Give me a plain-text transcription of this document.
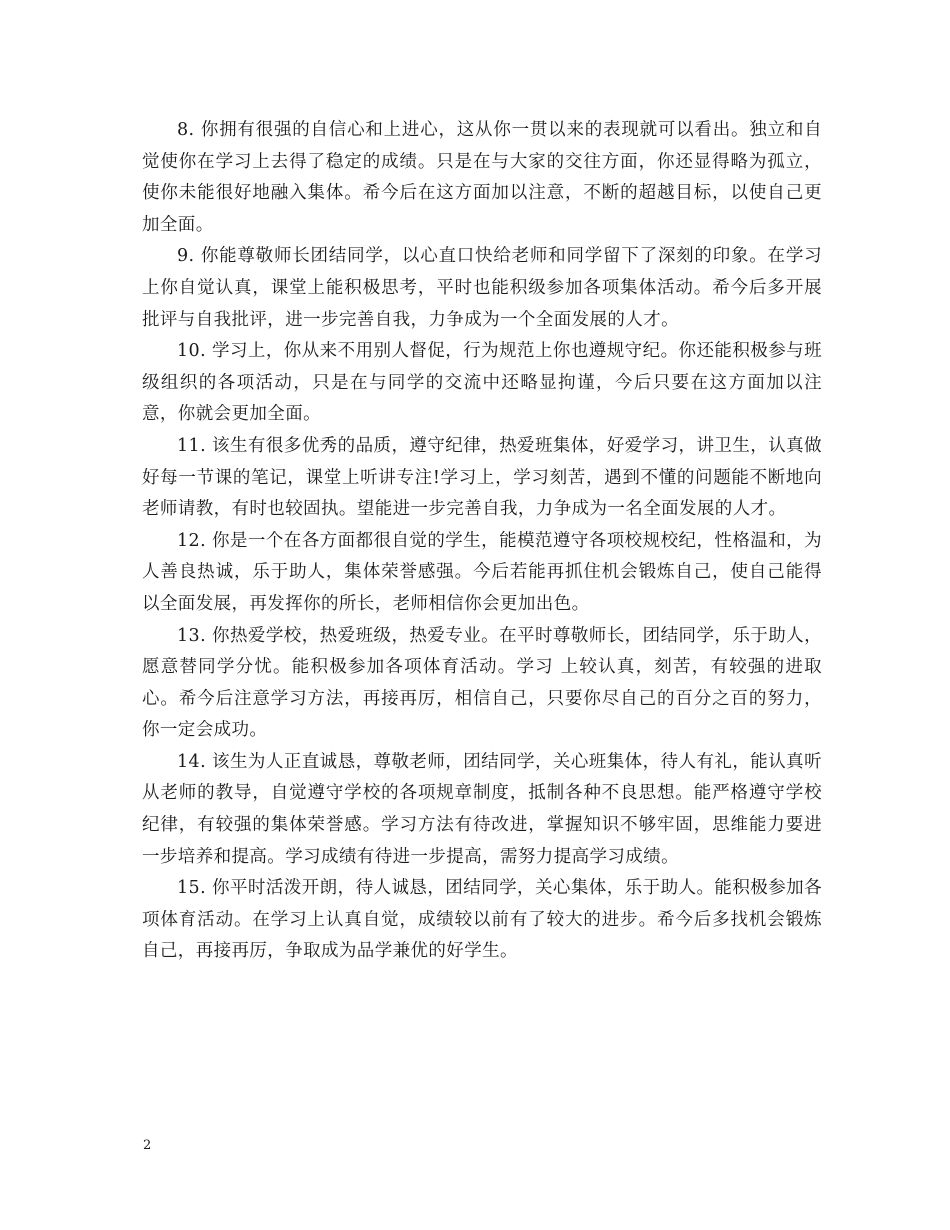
8. 你拥有很强的自信心和上进心，这从你一贯以来的表现就可以看出。独立和自觉使你在学习上去得了稳定的成绩。只是在与大家的交往方面，你还显得略为孤立，使你未能很好地融入集体。希今后在这方面加以注意，不断的超越目标，以使自己更加全面。

9. 你能尊敬师长团结同学，以心直口快给老师和同学留下了深刻的印象。在学习上你自觉认真，课堂上能积极思考，平时也能积级参加各项集体活动。希今后多开展批评与自我批评，进一步完善自我，力争成为一个全面发展的人才。

10. 学习上，你从来不用别人督促，行为规范上你也遵规守纪。你还能积极参与班级组织的各项活动，只是在与同学的交流中还略显拘谨，今后只要在这方面加以注意，你就会更加全面。

11. 该生有很多优秀的品质，遵守纪律，热爱班集体，好爱学习，讲卫生，认真做好每一节课的笔记，课堂上听讲专注!学习上，学习刻苦，遇到不懂的问题能不断地向老师请教，有时也较固执。望能进一步完善自我，力争成为一名全面发展的人才。

12. 你是一个在各方面都很自觉的学生，能模范遵守各项校规校纪，性格温和，为人善良热诚，乐于助人，集体荣誉感强。今后若能再抓住机会锻炼自己，使自己能得以全面发展，再发挥你的所长，老师相信你会更加出色。

13. 你热爱学校，热爱班级，热爱专业。在平时尊敬师长，团结同学，乐于助人，愿意替同学分忧。能积极参加各项体育活动。学习 上较认真，刻苦，有较强的进取心。希今后注意学习方法，再接再厉，相信自己，只要你尽自己的百分之百的努力，你一定会成功。

14. 该生为人正直诚恳，尊敬老师，团结同学，关心班集体，待人有礼，能认真听从老师的教导，自觉遵守学校的各项规章制度，抵制各种不良思想。能严格遵守学校纪律，有较强的集体荣誉感。学习方法有待改进，掌握知识不够牢固，思维能力要进一步培养和提高。学习成绩有待进一步提高，需努力提高学习成绩。

15. 你平时活泼开朗，待人诚恳，团结同学，关心集体，乐于助人。能积极参加各项体育活动。在学习上认真自觉，成绩较以前有了较大的进步。希今后多找机会锻炼自己，再接再厉，争取成为品学兼优的好学生。

2
